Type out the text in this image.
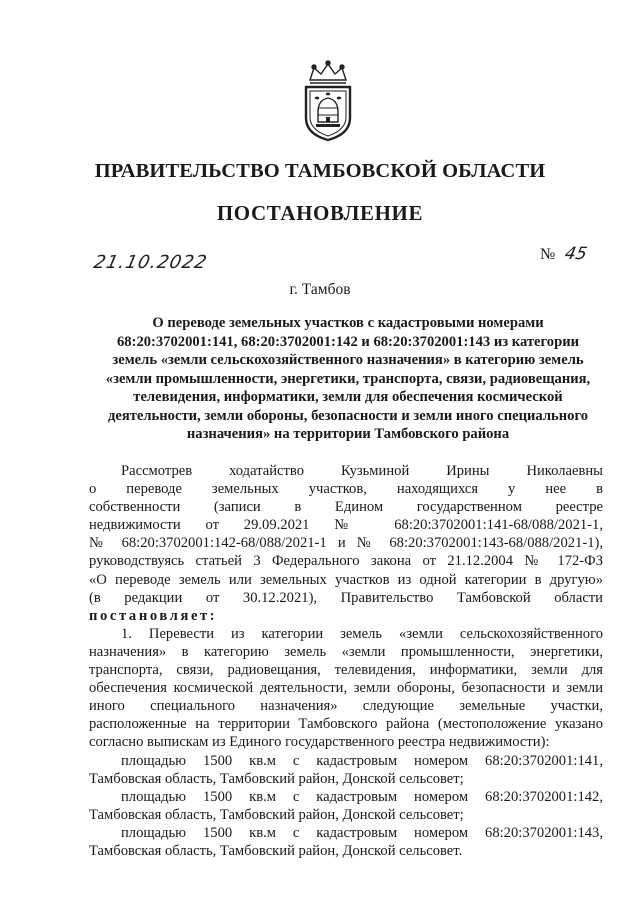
ПРАВИТЕЛЬСТВО ТАМБОВСКОЙ ОБЛАСТИ
ПОСТАНОВЛЕНИЕ
21.10.2022	№ 45
г. Тамбов
О переводе земельных участков с кадастровыми номерами
68:20:3702001:141, 68:20:3702001:142 и 68:20:3702001:143 из категории
земель «земли сельскохозяйственного назначения» в категорию земель
«земли промышленности, энергетики, транспорта, связи, радиовещания,
телевидения, информатики, земли для обеспечения космической
деятельности, земли обороны, безопасности и земли иного специального
назначения» на территории Тамбовского района
Рассмотрев ходатайство Кузьминой Ирины Николаевны
о переводе земельных участков, находящихся у нее в
собственности (записи в Едином государственном реестре
недвижимости от 29.09.2021 № 68:20:3702001:141-68/088/2021-1,
№ 68:20:3702001:142-68/088/2021-1 и № 68:20:3702001:143-68/088/2021-1),
руководствуясь статьей 3 Федерального закона от 21.12.2004 № 172-ФЗ
«О переводе земель или земельных участков из одной категории в другую»
(в редакции от 30.12.2021), Правительство Тамбовской области
постановляет:
1. Перевести из категории земель «земли сельскохозяйственного
назначения» в категорию земель «земли промышленности, энергетики,
транспорта, связи, радиовещания, телевидения, информатики, земли для
обеспечения космической деятельности, земли обороны, безопасности и земли
иного специального назначения» следующие земельные участки,
расположенные на территории Тамбовского района (местоположение указано
согласно выпискам из Единого государственного реестра недвижимости):
площадью 1500 кв.м с кадастровым номером 68:20:3702001:141,
Тамбовская область, Тамбовский район, Донской сельсовет;
площадью 1500 кв.м с кадастровым номером 68:20:3702001:142,
Тамбовская область, Тамбовский район, Донской сельсовет;
площадью 1500 кв.м с кадастровым номером 68:20:3702001:143,
Тамбовская область, Тамбовский район, Донской сельсовет.
